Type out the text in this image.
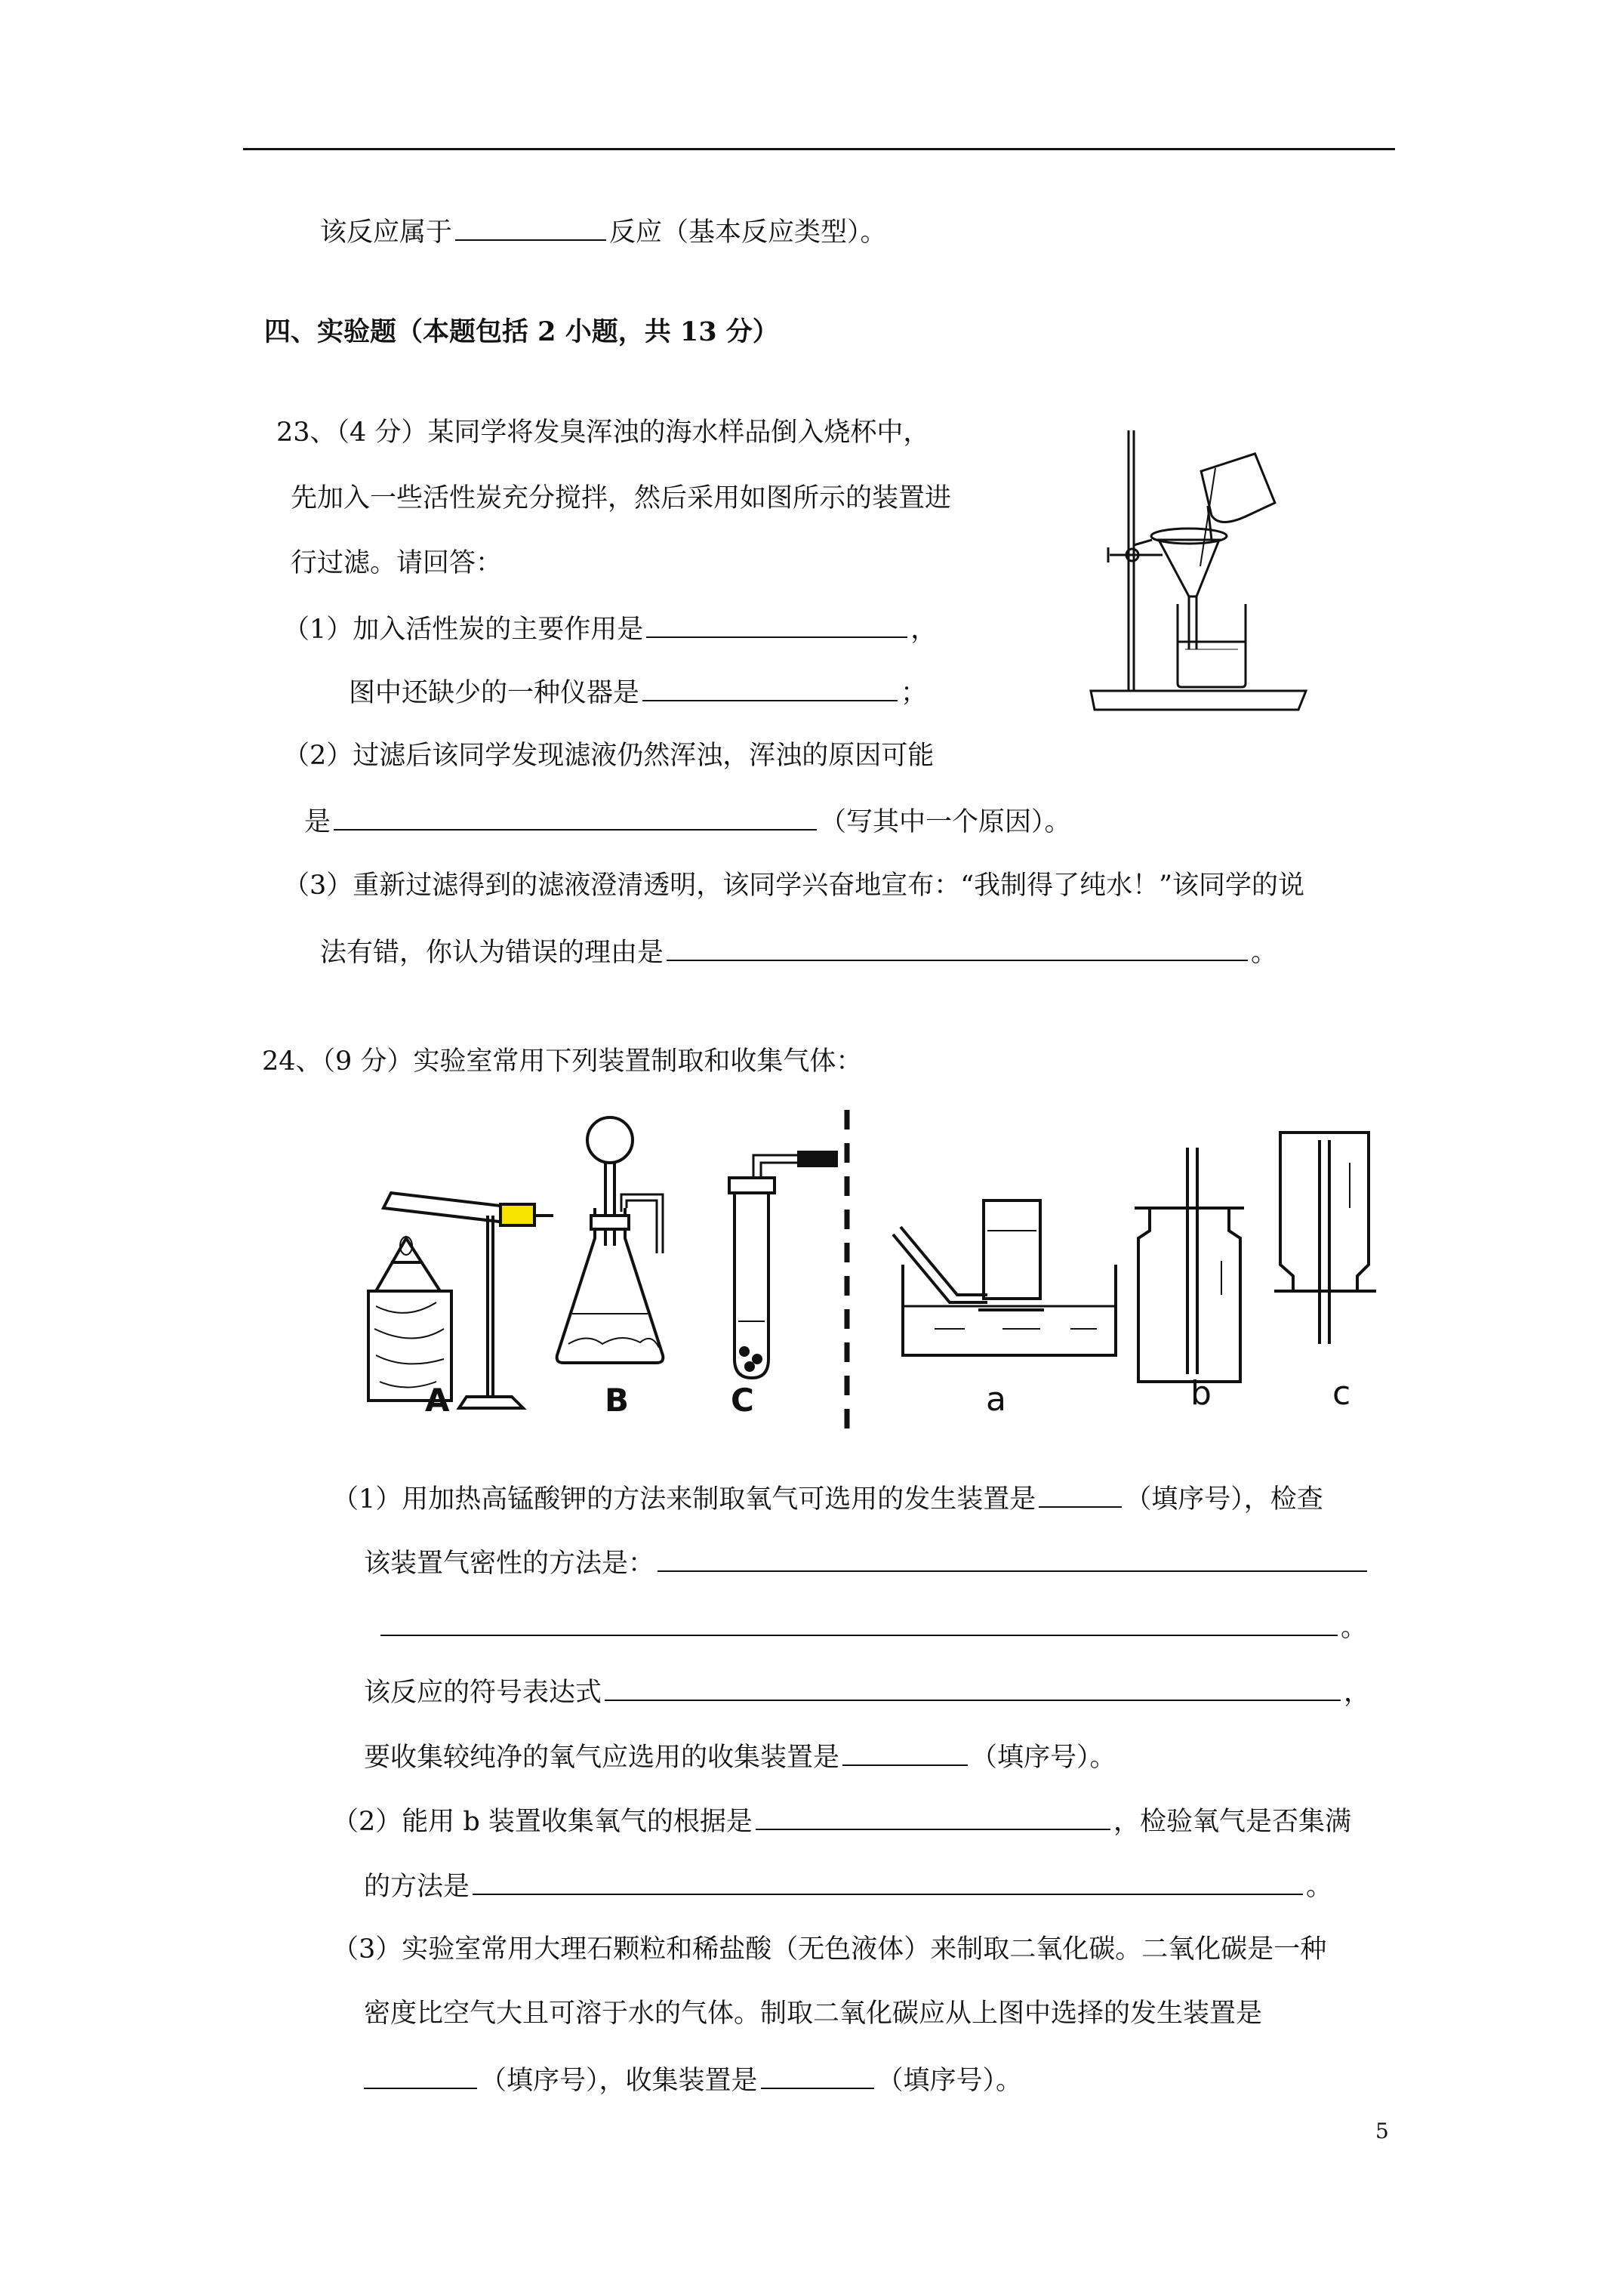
该反应属于	反应（基本反应类型）。
四、实验题（本题包括 2 小题，共 13 分）
23、（4 分）某同学将发臭浑浊的海水样品倒入烧杯中，
先加入一些活性炭充分搅拌，然后采用如图所示的装置进
行过滤。请回答：
（1）加入活性炭的主要作用是	，
图中还缺少的一种仪器是	；
（2）过滤后该同学发现滤液仍然浑浊，浑浊的原因可能
是	（写其中一个原因）。
（3）重新过滤得到的滤液澄清透明，该同学兴奋地宣布：“我制得了纯水！”该同学的说
法有错，你认为错误的理由是	。
24、（9 分）实验室常用下列装置制取和收集气体：
A	B	C	a	b	c
（1）用加热高锰酸钾的方法来制取氧气可选用的发生装置是	（填序号），检查
该装置气密性的方法是：
。
该反应的符号表达式	，
要收集较纯净的氧气应选用的收集装置是	（填序号）。
（2）能用 b 装置收集氧气的根据是	，检验氧气是否集满
的方法是	。
（3）实验室常用大理石颗粒和稀盐酸（无色液体）来制取二氧化碳。二氧化碳是一种
密度比空气大且可溶于水的气体。制取二氧化碳应从上图中选择的发生装置是
（填序号），收集装置是	（填序号）。
5
